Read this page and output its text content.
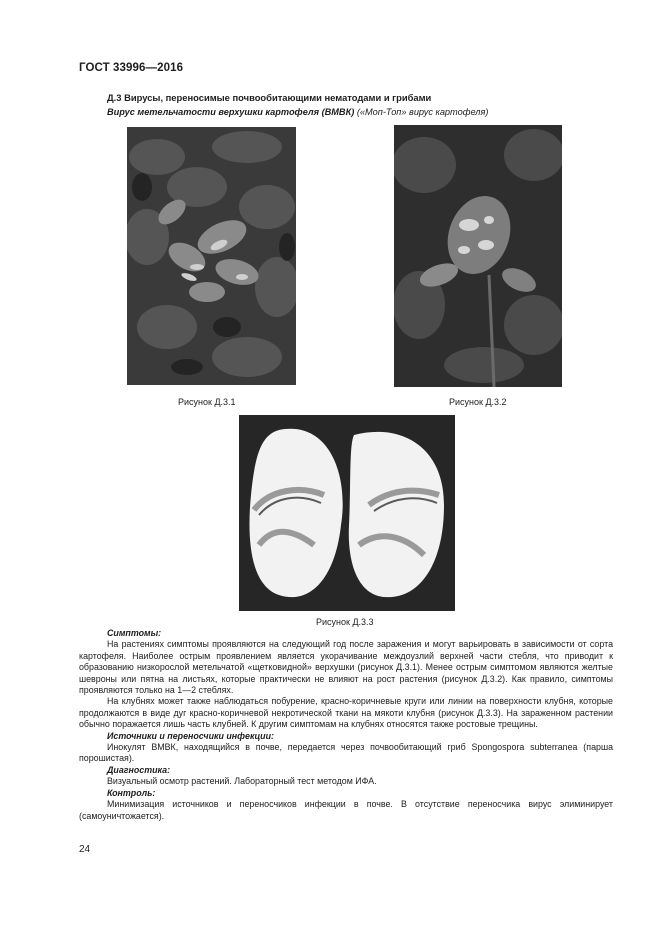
ГОСТ 33996—2016
Д.3 Вирусы, переносимые почвообитающими нематодами и грибами
Вирус метельчатости верхушки картофеля (ВМВК) («Моп-Топ» вирус картофеля)
Рисунок Д.3.1	Рисунок Д.3.2
Рисунок Д.3.3
Симптомы:

На растениях симптомы проявляются на следующий год после заражения и могут варьировать в зависимости от сорта картофеля. Наиболее острым проявлением является укорачивание междоузлий верхней части стебля, что приводит к образованию низкорослой метельчатой «щетковидной» верхушки (рисунок Д.3.1). Менее острым симптомом являются желтые шевроны или пятна на листьях, которые практически не влияют на рост растения (рисунок Д.3.2). Как правило, симптомы проявляются только на 1—2 стеблях.

На клубнях может также наблюдаться побурение, красно-коричневые круги или линии на поверхности клубня, которые продолжаются в виде дуг красно-коричневой некротической ткани на мякоти клубня (рисунок Д.3.3). На зараженном растении обычно поражается лишь часть клубней. К другим симптомам на клубнях относятся также ростовые трещины.

Источники и переносчики инфекции:

Инокулят ВМВК, находящийся в почве, передается через почвообитающий гриб Spongospora subterranea (парша порошистая).

Диагностика:

Визуальный осмотр растений. Лабораторный тест методом ИФА.

Контроль:

Минимизация источников и переносчиков инфекции в почве. В отсутствие переносчика вирус элиминирует (самоуничтожается).

24
